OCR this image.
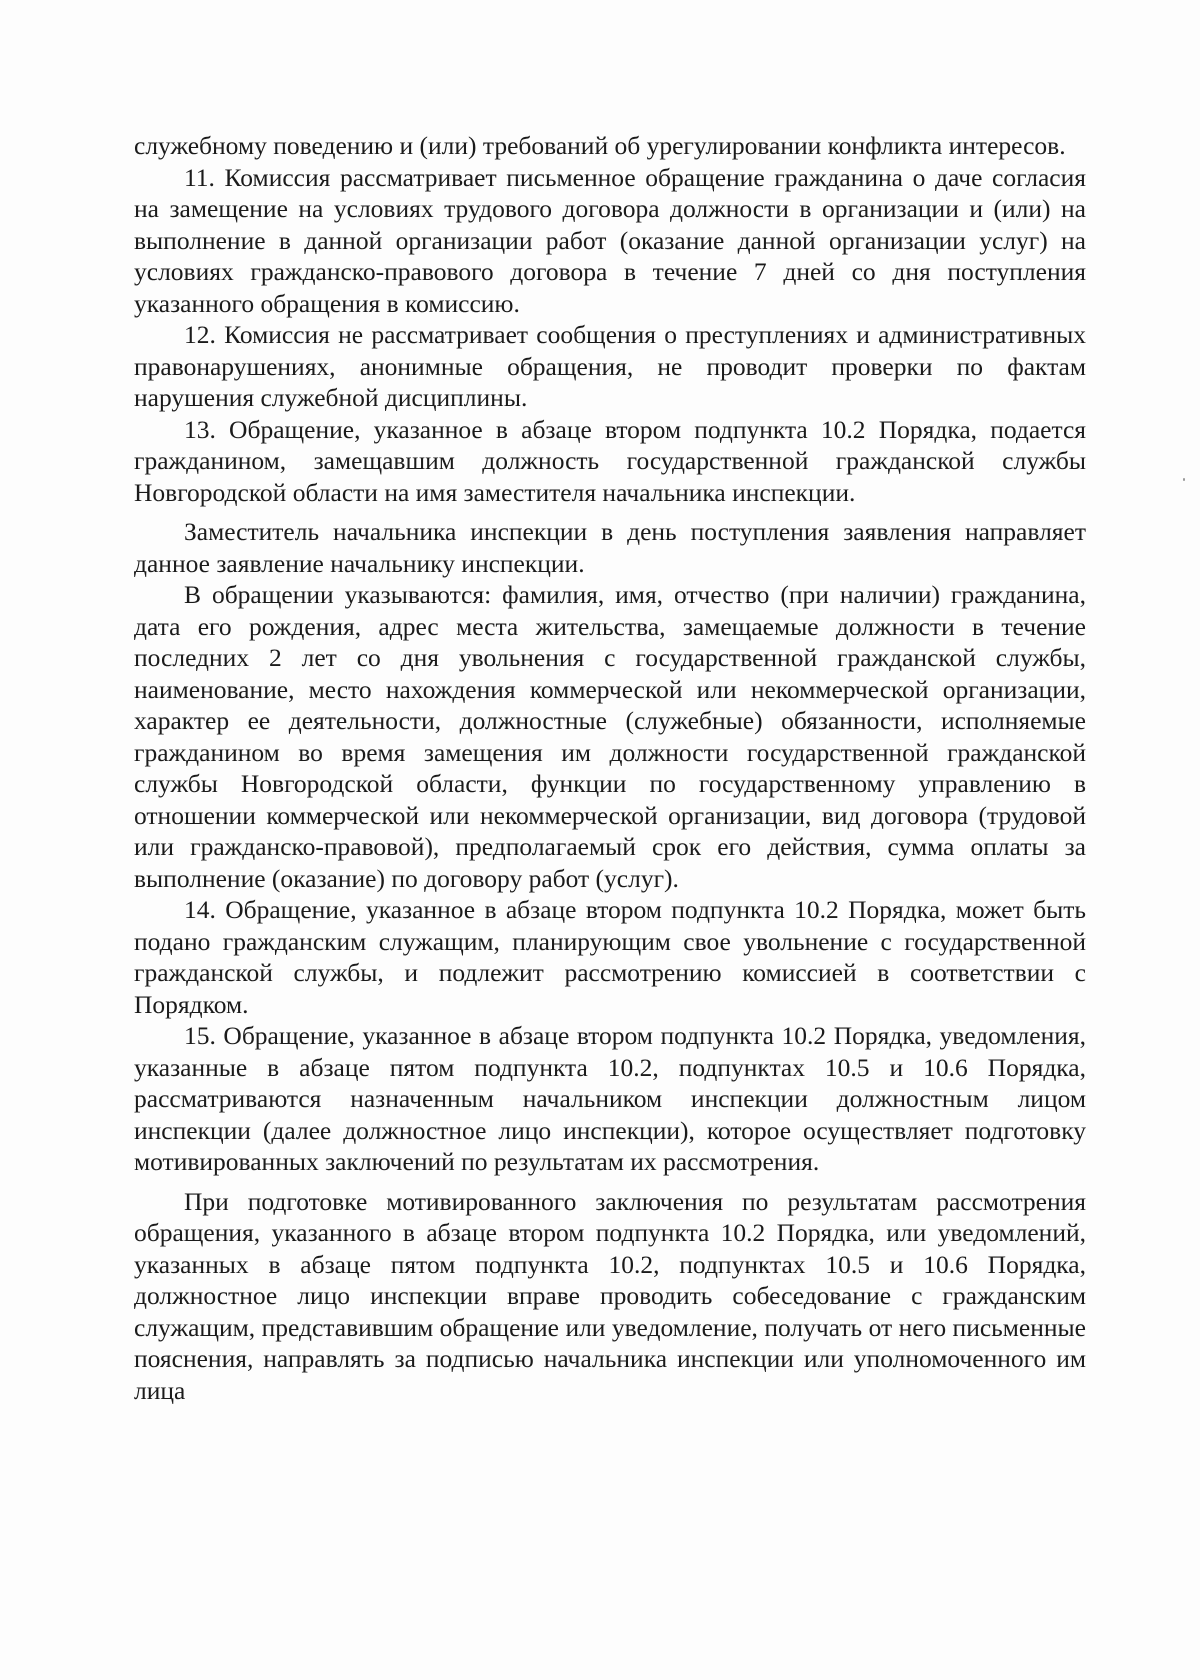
служебному поведению и (или) требований об урегулировании конфликта интересов.

11. Комиссия рассматривает письменное обращение гражданина о даче согласия на замещение на условиях трудового договора должности в организации и (или) на выполнение в данной организации работ (оказание данной организации услуг) на условиях гражданско-правового договора в течение 7 дней со дня поступления указанного обращения в комиссию.

12. Комиссия не рассматривает сообщения о преступлениях и административных правонарушениях, анонимные обращения, не проводит проверки по фактам нарушения служебной дисциплины.

13. Обращение, указанное в абзаце втором подпункта 10.2 Порядка, подается гражданином, замещавшим должность государственной гражданской службы Новгородской области на имя заместителя начальника инспекции.

Заместитель начальника инспекции в день поступления заявления направляет данное заявление начальнику инспекции.

В обращении указываются: фамилия, имя, отчество (при наличии) гражданина, дата его рождения, адрес места жительства, замещаемые должности в течение последних 2 лет со дня увольнения с государственной гражданской службы, наименование, место нахождения коммерческой или некоммерческой организации, характер ее деятельности, должностные (служебные) обязанности, исполняемые гражданином во время замещения им должности государственной гражданской службы Новгородской области, функции по государственному управлению в отношении коммерческой или некоммерческой организации, вид договора (трудовой или гражданско-правовой), предполагаемый срок его действия, сумма оплаты за выполнение (оказание) по договору работ (услуг).

14. Обращение, указанное в абзаце втором подпункта 10.2 Порядка, может быть подано гражданским служащим, планирующим свое увольнение с государственной гражданской службы, и подлежит рассмотрению комиссией в соответствии с Порядком.

15. Обращение, указанное в абзаце втором подпункта 10.2 Порядка, уведомления, указанные в абзаце пятом подпункта 10.2, подпунктах 10.5 и 10.6 Порядка, рассматриваются назначенным начальником инспекции должностным лицом инспекции (далее должностное лицо инспекции), которое осуществляет подготовку мотивированных заключений по результатам их рассмотрения.

При подготовке мотивированного заключения по результатам рассмотрения обращения, указанного в абзаце втором подпункта 10.2 Порядка, или уведомлений, указанных в абзаце пятом подпункта 10.2, подпунктах 10.5 и 10.6 Порядка, должностное лицо инспекции вправе проводить собеседование с гражданским служащим, представившим обращение или уведомление, получать от него письменные пояснения, направлять за подписью начальника инспекции или уполномоченного им лица
